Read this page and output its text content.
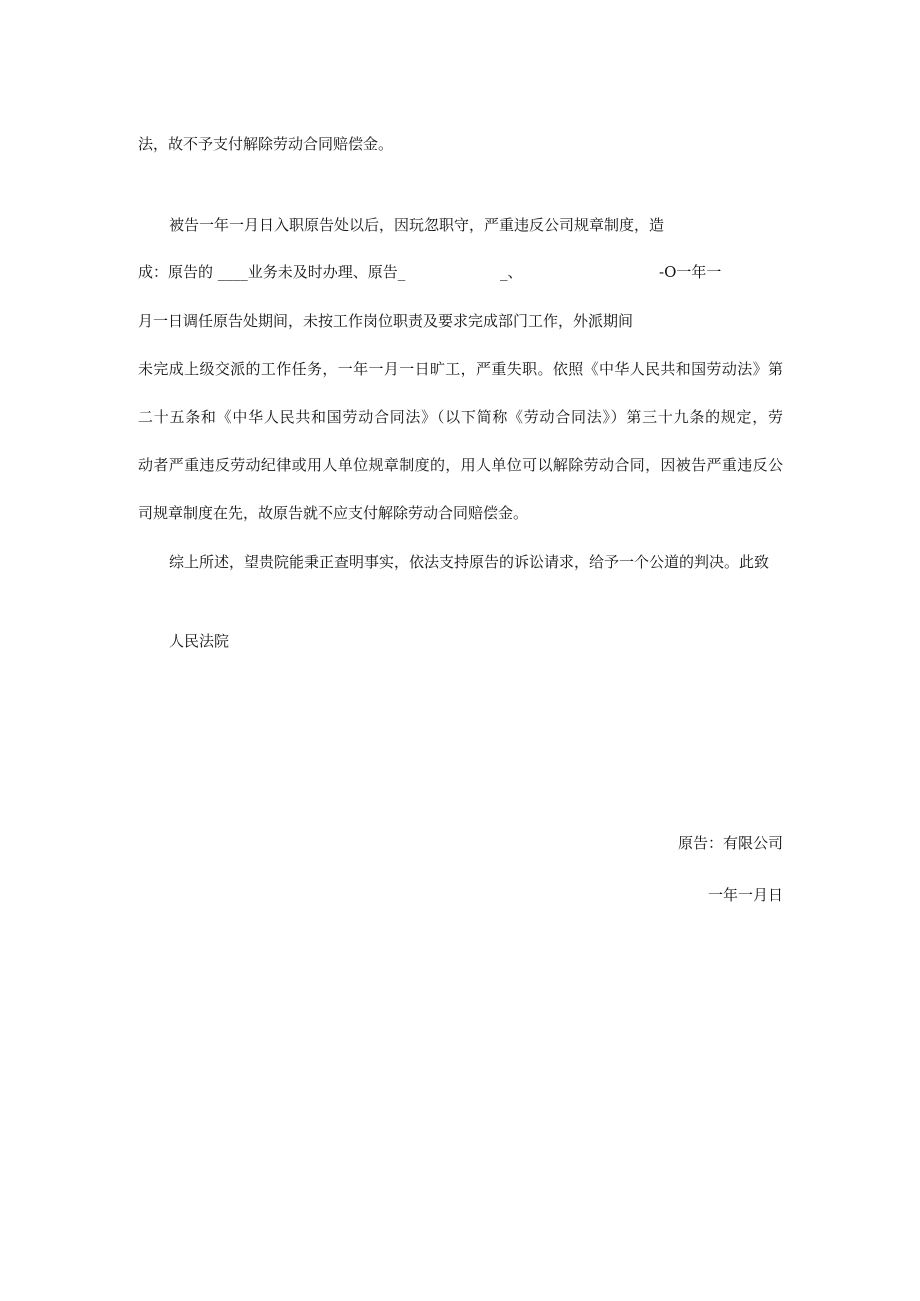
法，故不予支付解除劳动合同赔偿金。
被告一年一月日入职原告处以后，因玩忽职守，严重违反公司规章制度，造
成：原告的 ____业务未及时办理、原告_	_、	-O一年一
月一日调任原告处期间，未按工作岗位职责及要求完成部门工作，外派期间
未完成上级交派的工作任务，一年一月一日旷工，严重失职。依照《中华人民共和国劳动法》第
二十五条和《中华人民共和国劳动合同法》（以下简称《劳动合同法》）第三十九条的规定，劳
动者严重违反劳动纪律或用人单位规章制度的，用人单位可以解除劳动合同，因被告严重违反公
司规章制度在先，故原告就不应支付解除劳动合同赔偿金。
综上所述，望贵院能秉正查明事实，依法支持原告的诉讼请求，给予一个公道的判决。此致
人民法院
原告：有限公司
一年一月日
